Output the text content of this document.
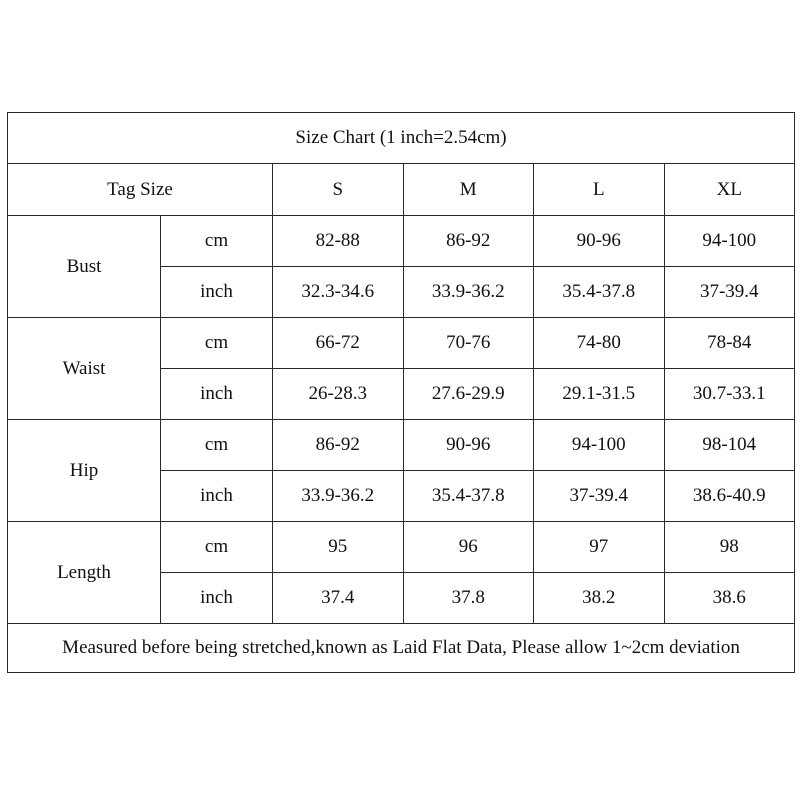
Size Chart (1 inch=2.54cm)					
Tag Size		S	M	L	XL
Bust	cm	82-88	86-92	90-96	94-100
	inch	32.3-34.6	33.9-36.2	35.4-37.8	37-39.4
Waist	cm	66-72	70-76	74-80	78-84
	inch	26-28.3	27.6-29.9	29.1-31.5	30.7-33.1
Hip	cm	86-92	90-96	94-100	98-104
	inch	33.9-36.2	35.4-37.8	37-39.4	38.6-40.9
Length	cm	95	96	97	98
	inch	37.4	37.8	38.2	38.6
Measured before being stretched,known as Laid Flat Data, Please allow 1~2cm deviation					
